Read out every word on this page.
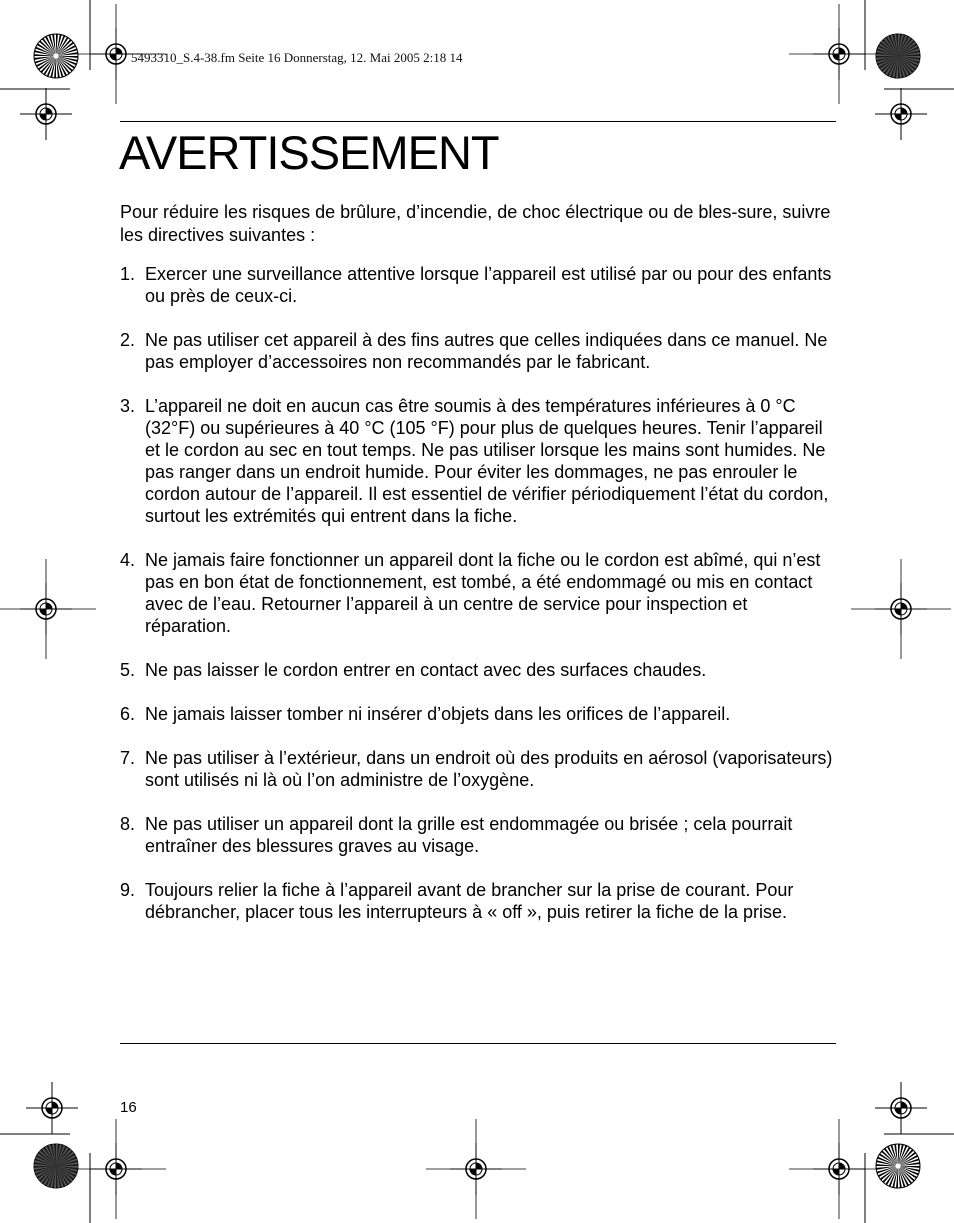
5493310_S.4-38.fm Seite 16 Donnerstag, 12. Mai 2005 2:18 14
AVERTISSEMENT

Pour réduire les risques de brûlure, d’incendie, de choc électrique ou de bles-sure, suivre les directives suivantes :

1. Exercer une surveillance attentive lorsque l’appareil est utilisé par ou pour des enfants ou près de ceux-ci.
2. Ne pas utiliser cet appareil à des fins autres que celles indiquées dans ce manuel. Ne pas employer d’accessoires non recommandés par le fabricant.
3. L’appareil ne doit en aucun cas être soumis à des températures inférieures à 0 °C (32°F) ou supérieures à 40 °C (105 °F) pour plus de quelques heures. Tenir l’appareil et le cordon au sec en tout temps. Ne pas utiliser lorsque les mains sont humides. Ne pas ranger dans un endroit humide. Pour éviter les dommages, ne pas enrouler le cordon autour de l’appareil. Il est essentiel de vérifier périodiquement l’état du cordon, surtout les extrémités qui entrent dans la fiche.
4. Ne jamais faire fonctionner un appareil dont la fiche ou le cordon est abîmé, qui n’est pas en bon état de fonctionnement, est tombé, a été endommagé ou mis en contact avec de l’eau. Retourner l’appareil à un centre de service pour inspection et réparation.
5. Ne pas laisser le cordon entrer en contact avec des surfaces chaudes.
6. Ne jamais laisser tomber ni insérer d’objets dans les orifices de l’appareil.
7. Ne pas utiliser à l’extérieur, dans un endroit où des produits en aérosol (vaporisateurs) sont utilisés ni là où l’on administre de l’oxygène.
8. Ne pas utiliser un appareil dont la grille est endommagée ou brisée ; cela pourrait entraîner des blessures graves au visage.
9. Toujours relier la fiche à l’appareil avant de brancher sur la prise de courant. Pour débrancher, placer tous les interrupteurs à « off », puis retirer la fiche de la prise.
16
